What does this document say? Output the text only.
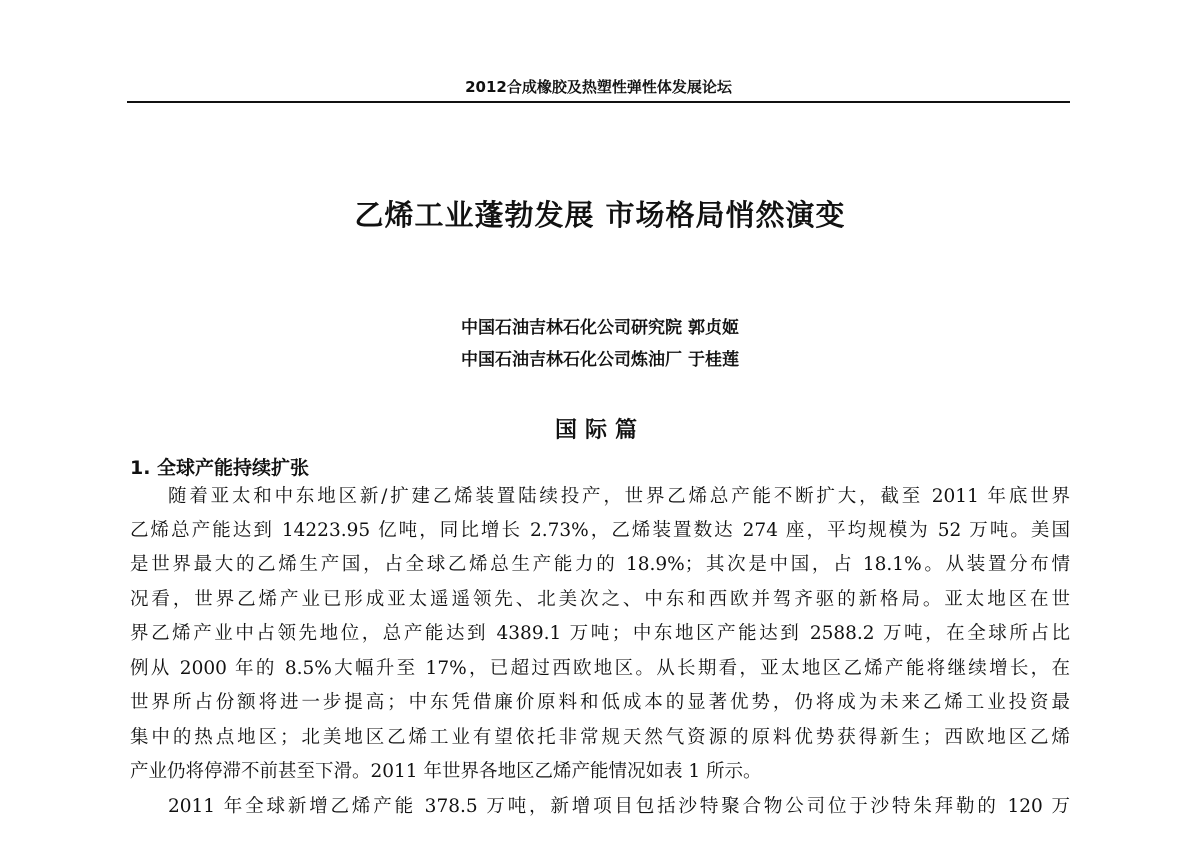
2012合成橡胶及热塑性弹性体发展论坛
乙烯工业蓬勃发展 市场格局悄然演变
中国石油吉林石化公司研究院 郭贞姬
中国石油吉林石化公司炼油厂 于桂莲
国际篇
1. 全球产能持续扩张
随着亚太和中东地区新/扩建乙烯装置陆续投产，世界乙烯总产能不断扩大，截至 2011 年底世界
乙烯总产能达到 14223.95 亿吨，同比增长 2.73%，乙烯装置数达 274 座，平均规模为 52 万吨。美国
是世界最大的乙烯生产国，占全球乙烯总生产能力的 18.9%；其次是中国，占 18.1%。从装置分布情
况看，世界乙烯产业已形成亚太遥遥领先、北美次之、中东和西欧并驾齐驱的新格局。亚太地区在世
界乙烯产业中占领先地位，总产能达到 4389.1 万吨；中东地区产能达到 2588.2 万吨，在全球所占比
例从 2000 年的 8.5%大幅升至 17%，已超过西欧地区。从长期看，亚太地区乙烯产能将继续增长，在
世界所占份额将进一步提高；中东凭借廉价原料和低成本的显著优势，仍将成为未来乙烯工业投资最
集中的热点地区；北美地区乙烯工业有望依托非常规天然气资源的原料优势获得新生；西欧地区乙烯
产业仍将停滞不前甚至下滑。2011 年世界各地区乙烯产能情况如表 1 所示。
2011 年全球新增乙烯产能 378.5 万吨，新增项目包括沙特聚合物公司位于沙特朱拜勒的 120 万
